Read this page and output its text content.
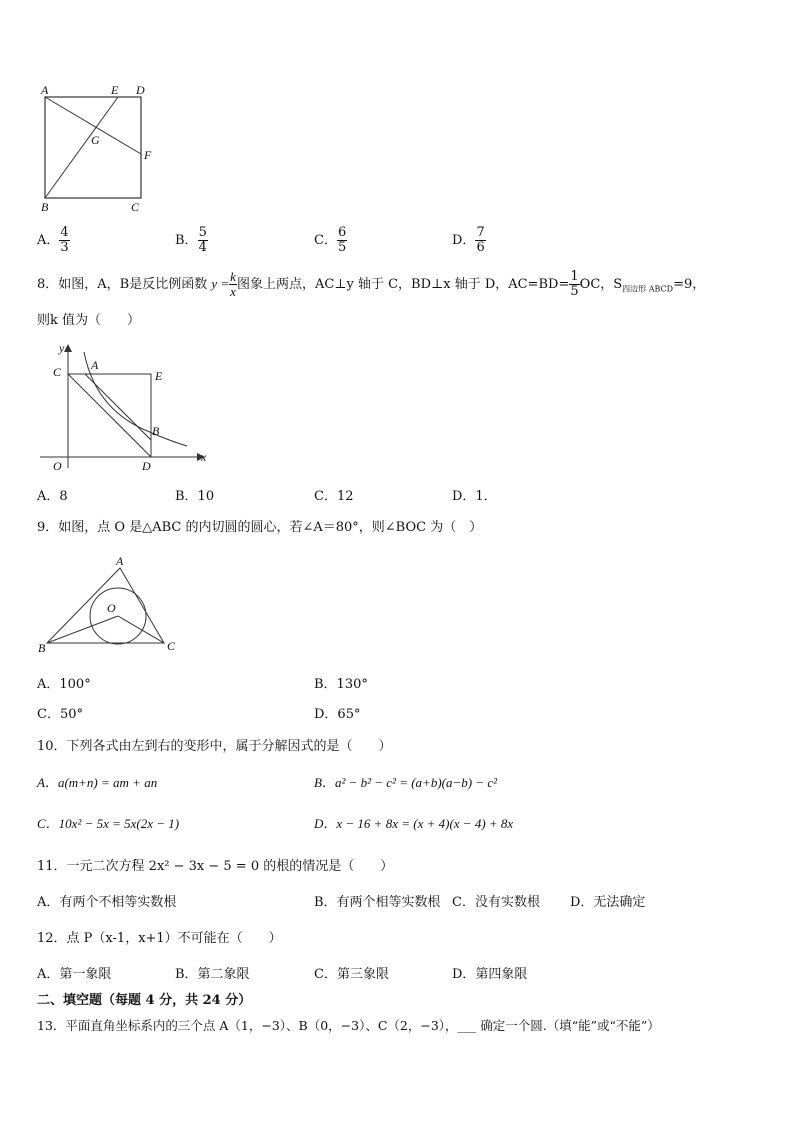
A	E D
G
F
B	C
A． $\frac{4}{3}$	B． $\frac{5}{4}$	C． $\frac{6}{5}$	D． $\frac{7}{6}$
8．如图，A，B是反比例函数 $y = \frac{k}{x}$ 图象上两点，AC⊥y 轴于 C，BD⊥x 轴于 D，$AC=BD= \frac{1}{5}$ OC，$S_{四边形 ABCD}=9$，
则k 值为（　　）
y
C A
E
B
O	D
x
A．8	B．10	C．12	D．1．
9．如图，点 O 是△ABC 的内切圆的圆心，若∠A＝80°，则∠BOC 为（　）
A
O
B	C
A．100°	B．130°
C．50°	D．65°
10．下列各式由左到右的变形中，属于分解因式的是（　　）
A．a(m+n) = am + an	B．a² − b² − c² = (a+b)(a−b) − c²
C．10x² − 5x = 5x(2x − 1)	D．x − 16 + 8x = (x + 4)(x − 4) + 8x
11．一元二次方程 2x² − 3x − 5 = 0 的根的情况是（　　）
A．有两个不相等实数根	B．有两个相等实数根 C．没有实数根 D．无法确定
12．点 P（x-1，x+1）不可能在（　　）
A．第一象限	B．第二象限	C．第三象限	D．第四象限
二、填空题（每题 4 分，共 24 分）
13．平面直角坐标系内的三个点 A（1，−3）、B（0，−3）、C（2，−3），___ 确定一个圆.（填“能”或“不能”）
